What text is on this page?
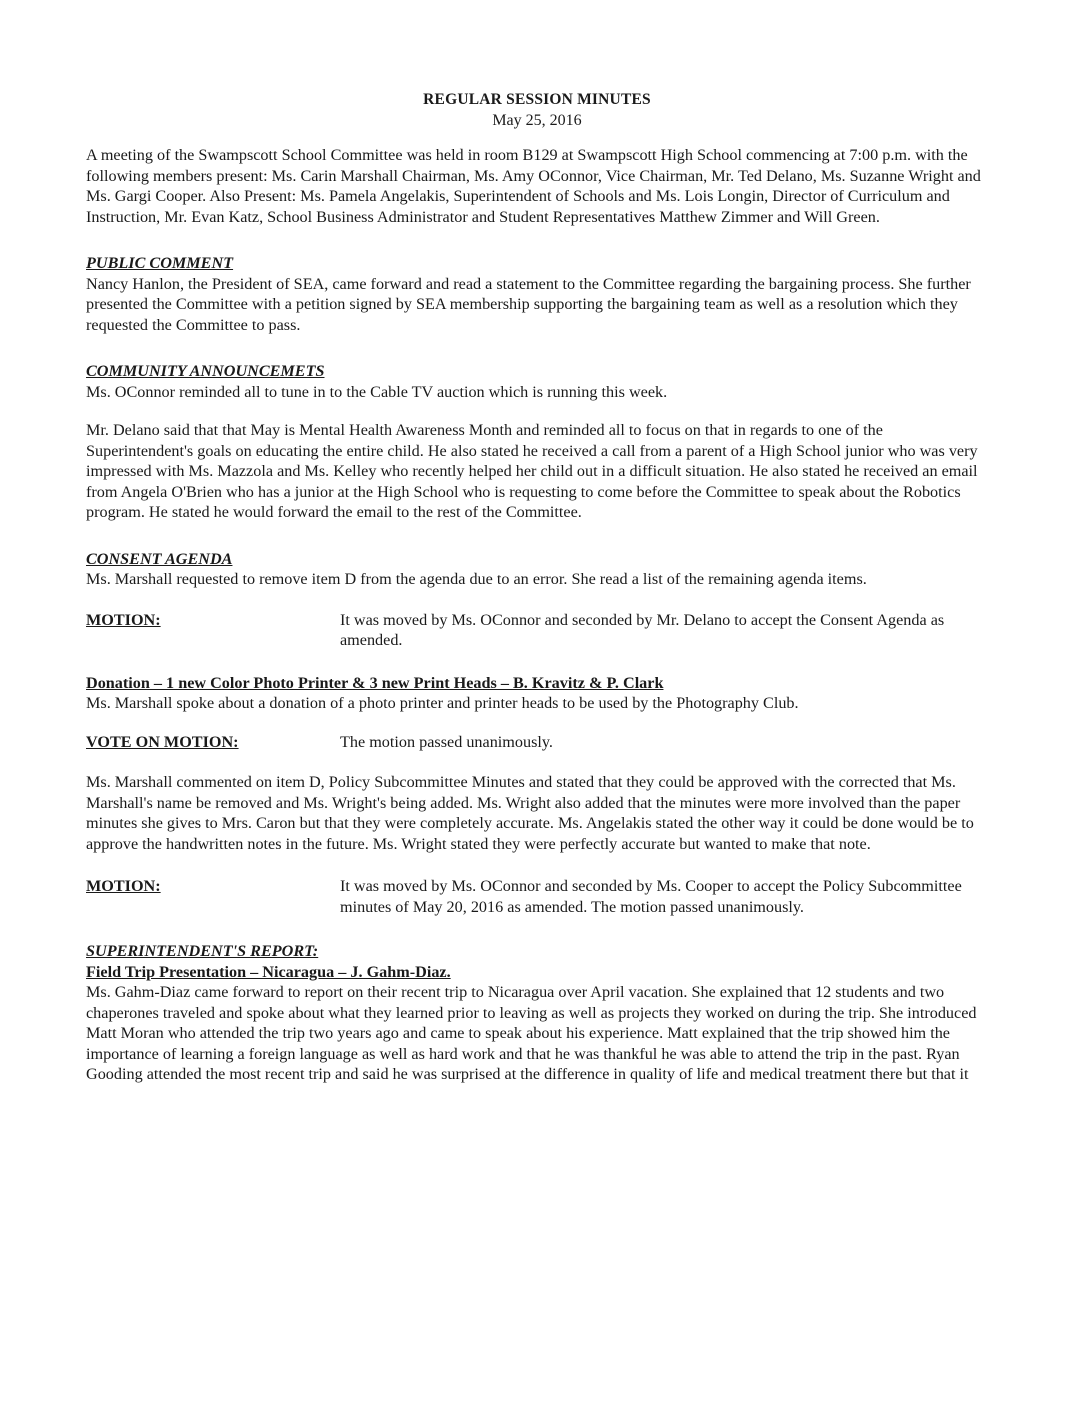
REGULAR SESSION MINUTES
May 25, 2016

A meeting of the Swampscott School Committee was held in room B129 at Swampscott High School commencing at 7:00 p.m. with the following members present: Ms. Carin Marshall Chairman, Ms. Amy OConnor, Vice Chairman, Mr. Ted Delano, Ms. Suzanne Wright and Ms. Gargi Cooper. Also Present: Ms. Pamela Angelakis, Superintendent of Schools and Ms. Lois Longin, Director of Curriculum and Instruction, Mr. Evan Katz, School Business Administrator and Student Representatives Matthew Zimmer and Will Green.

PUBLIC COMMENT

Nancy Hanlon, the President of SEA, came forward and read a statement to the Committee regarding the bargaining process. She further presented the Committee with a petition signed by SEA membership supporting the bargaining team as well as a resolution which they requested the Committee to pass.

COMMUNITY ANNOUNCEMETS

Ms. OConnor reminded all to tune in to the Cable TV auction which is running this week.

Mr. Delano said that that May is Mental Health Awareness Month and reminded all to focus on that in regards to one of the Superintendent's goals on educating the entire child. He also stated he received a call from a parent of a High School junior who was very impressed with Ms. Mazzola and Ms. Kelley who recently helped her child out in a difficult situation. He also stated he received an email from Angela O'Brien who has a junior at the High School who is requesting to come before the Committee to speak about the Robotics program. He stated he would forward the email to the rest of the Committee.

CONSENT AGENDA

Ms. Marshall requested to remove item D from the agenda due to an error. She read a list of the remaining agenda items.

MOTION:	It was moved by Ms. OConnor and seconded by Mr. Delano to accept the Consent Agenda as amended.

Donation – 1 new Color Photo Printer & 3 new Print Heads – B. Kravitz & P. Clark

Ms. Marshall spoke about a donation of a photo printer and printer heads to be used by the Photography Club.

VOTE ON MOTION:	The motion passed unanimously.

Ms. Marshall commented on item D, Policy Subcommittee Minutes and stated that they could be approved with the corrected that Ms. Marshall's name be removed and Ms. Wright's being added. Ms. Wright also added that the minutes were more involved than the paper minutes she gives to Mrs. Caron but that they were completely accurate. Ms. Angelakis stated the other way it could be done would be to approve the handwritten notes in the future. Ms. Wright stated they were perfectly accurate but wanted to make that note.

MOTION:	It was moved by Ms. OConnor and seconded by Ms. Cooper to accept the Policy Subcommittee minutes of May 20, 2016 as amended. The motion passed unanimously.

SUPERINTENDENT'S REPORT:

Field Trip Presentation – Nicaragua – J. Gahm-Diaz.

Ms. Gahm-Diaz came forward to report on their recent trip to Nicaragua over April vacation. She explained that 12 students and two chaperones traveled and spoke about what they learned prior to leaving as well as projects they worked on during the trip. She introduced Matt Moran who attended the trip two years ago and came to speak about his experience. Matt explained that the trip showed him the importance of learning a foreign language as well as hard work and that he was thankful he was able to attend the trip in the past. Ryan Gooding attended the most recent trip and said he was surprised at the difference in quality of life and medical treatment there but that it
